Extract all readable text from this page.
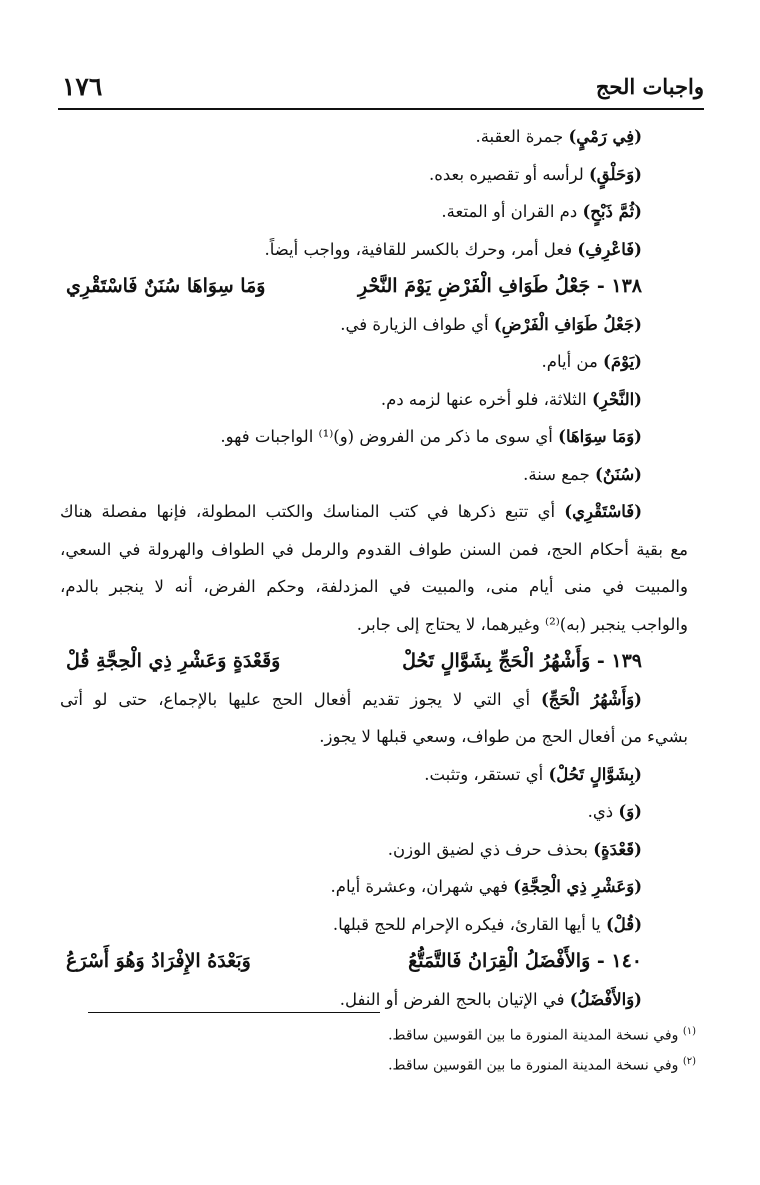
واجبات الحج
١٧٦
(فِي رَمْيٍ) جمرة العقبة.
(وَحَلْقٍ) لرأسه أو تقصيره بعده.
(ثُمَّ ذَبْحٍ) دم القران أو المتعة.
(فَاعْرِفِ) فعل أمر، وحرك بالكسر للقافية، وواجب أيضاً.
١٣٨ - جَعْلُ طَوَافِ الْفَرْضِ يَوْمَ النَّحْرِ
وَمَا سِوَاهَا سُنَنٌ فَاسْتَقْرِي
(جَعْلُ طَوَافِ الْفَرْضِ) أي طواف الزيارة في.
(يَوْمَ) من أيام.
(النَّحْرِ) الثلاثة، فلو أخره عنها لزمه دم.
(وَمَا سِوَاهَا) أي سوى ما ذكر من الفروض (و)⁽¹⁾ الواجبات فهو.
(سُنَنٌ) جمع سنة.
(فَاسْتَقْرِي) أي تتبع ذكرها في كتب المناسك والكتب المطولة، فإنها مفصلة هناك
مع بقية أحكام الحج، فمن السنن طواف القدوم والرمل في الطواف والهرولة في السعي،
والمبيت في منى أيام منى، والمبيت في المزدلفة، وحكم الفرض، أنه لا ينجبر بالدم،
والواجب ينجبر (به)⁽²⁾ وغيرهما، لا يحتاج إلى جابر.
١٣٩ - وَأَشْهُرُ الْحَجِّ بِشَوَّالٍ تَحُلْ
وَقَعْدَةٍ وَعَشْرِ ذِي الْحِجَّةِ قُلْ
(وَأَشْهُرُ الْحَجِّ) أي التي لا يجوز تقديم أفعال الحج عليها بالإجماع، حتى لو أتى
بشيء من أفعال الحج من طواف، وسعي قبلها لا يجوز.
(بِشَوَّالٍ تَحُلْ) أي تستقر، وتثبت.
(وَ) ذي.
(قَعْدَةٍ) بحذف حرف ذي لضيق الوزن.
(وَعَشْرِ ذِي الْحِجَّةِ) فهي شهران، وعشرة أيام.
(قُلْ) يا أيها القارئ، فيكره الإحرام للحج قبلها.
١٤٠ - وَالأَفْضَلُ الْقِرَانُ فَالتَّمَتُّعُ
وَبَعْدَهُ الإِفْرَادُ وَهُوَ أَسْرَعُ
(وَالأَفْضَلُ) في الإتيان بالحج الفرض أو النفل.
$^{(١)}$ وفي نسخة المدينة المنورة ما بين القوسين ساقط.
$^{(٢)}$ وفي نسخة المدينة المنورة ما بين القوسين ساقط.
